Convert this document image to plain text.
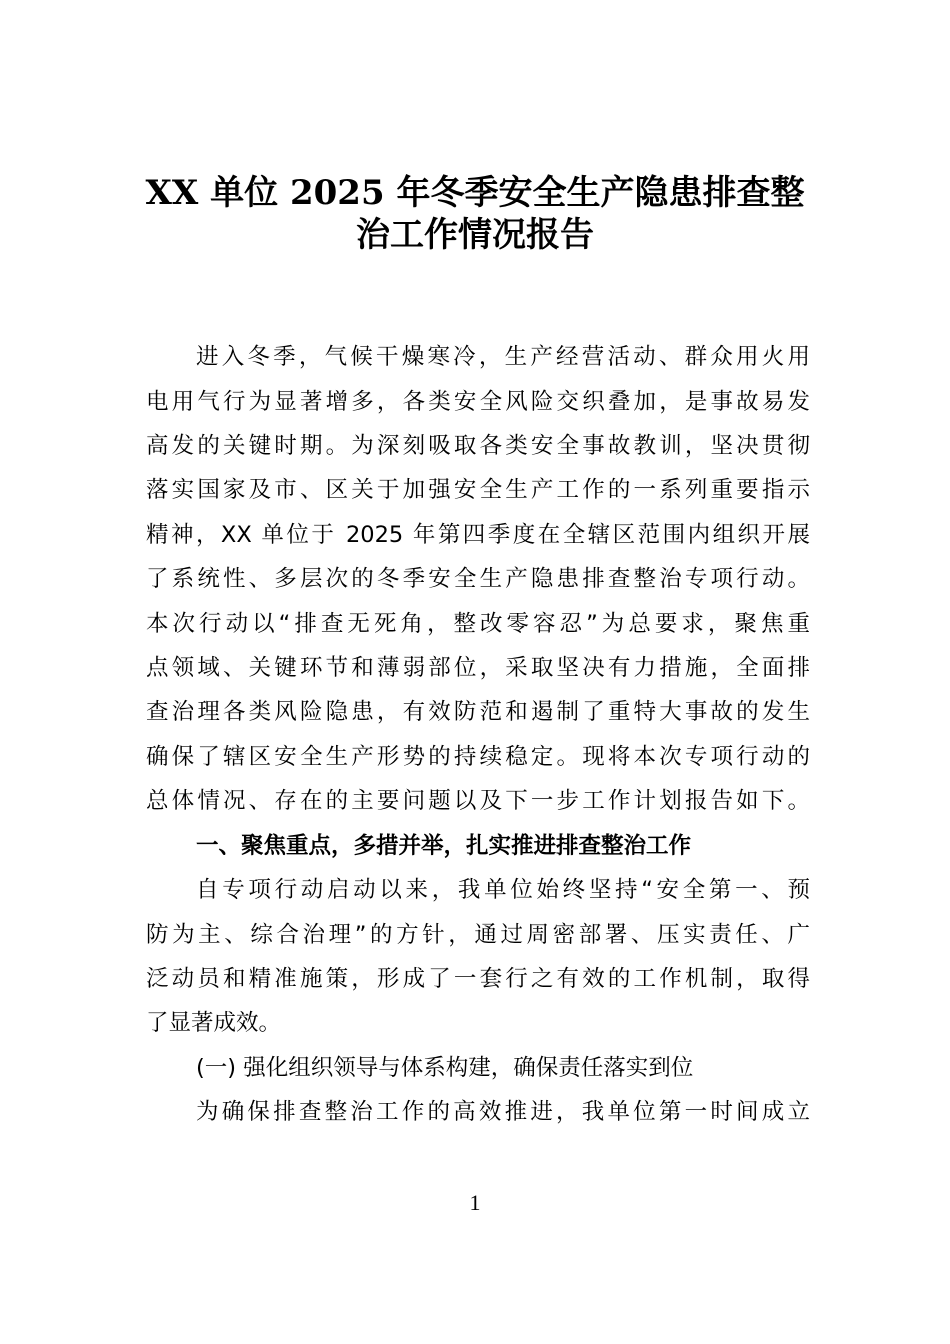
XX 单位 2025 年冬季安全生产隐患排查整
治工作情况报告
进入冬季，气候干燥寒冷，生产经营活动、群众用火用
电用气行为显著增多，各类安全风险交织叠加，是事故易发
高发的关键时期。为深刻吸取各类安全事故教训，坚决贯彻
落实国家及市、区关于加强安全生产工作的一系列重要指示
精神，XX 单位于 2025 年第四季度在全辖区范围内组织开展
了系统性、多层次的冬季安全生产隐患排查整治专项行动。
本次行动以“排查无死角，整改零容忍”为总要求，聚焦重
点领域、关键环节和薄弱部位，采取坚决有力措施，全面排
查治理各类风险隐患，有效防范和遏制了重特大事故的发生
确保了辖区安全生产形势的持续稳定。现将本次专项行动的
总体情况、存在的主要问题以及下一步工作计划报告如下。
一、聚焦重点，多措并举，扎实推进排查整治工作
自专项行动启动以来，我单位始终坚持“安全第一、预
防为主、综合治理”的方针，通过周密部署、压实责任、广
泛动员和精准施策，形成了一套行之有效的工作机制，取得
了显著成效。
(一) 强化组织领导与体系构建，确保责任落实到位
为确保排查整治工作的高效推进，我单位第一时间成立
1
